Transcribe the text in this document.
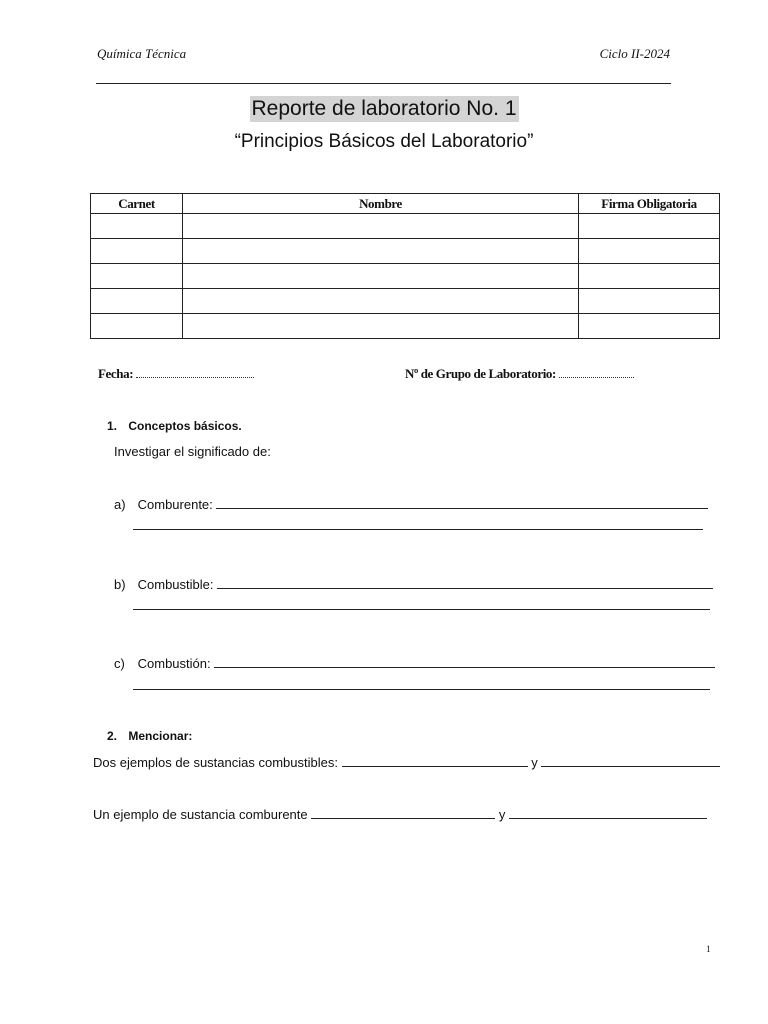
Química Técnica	Ciclo II-2024
Reporte de laboratorio No. 1
“Principios Básicos del Laboratorio”
Carnet	Nombre	Firma Obligatoria

Fecha:	Nº de Grupo de Laboratorio:
1. Conceptos básicos.
Investigar el significado de:
a) Comburente:
b) Combustible:
c) Combustión:
2. Mencionar:
Dos ejemplos de sustancias combustibles:	y
Un ejemplo de sustancia comburente	y
1
